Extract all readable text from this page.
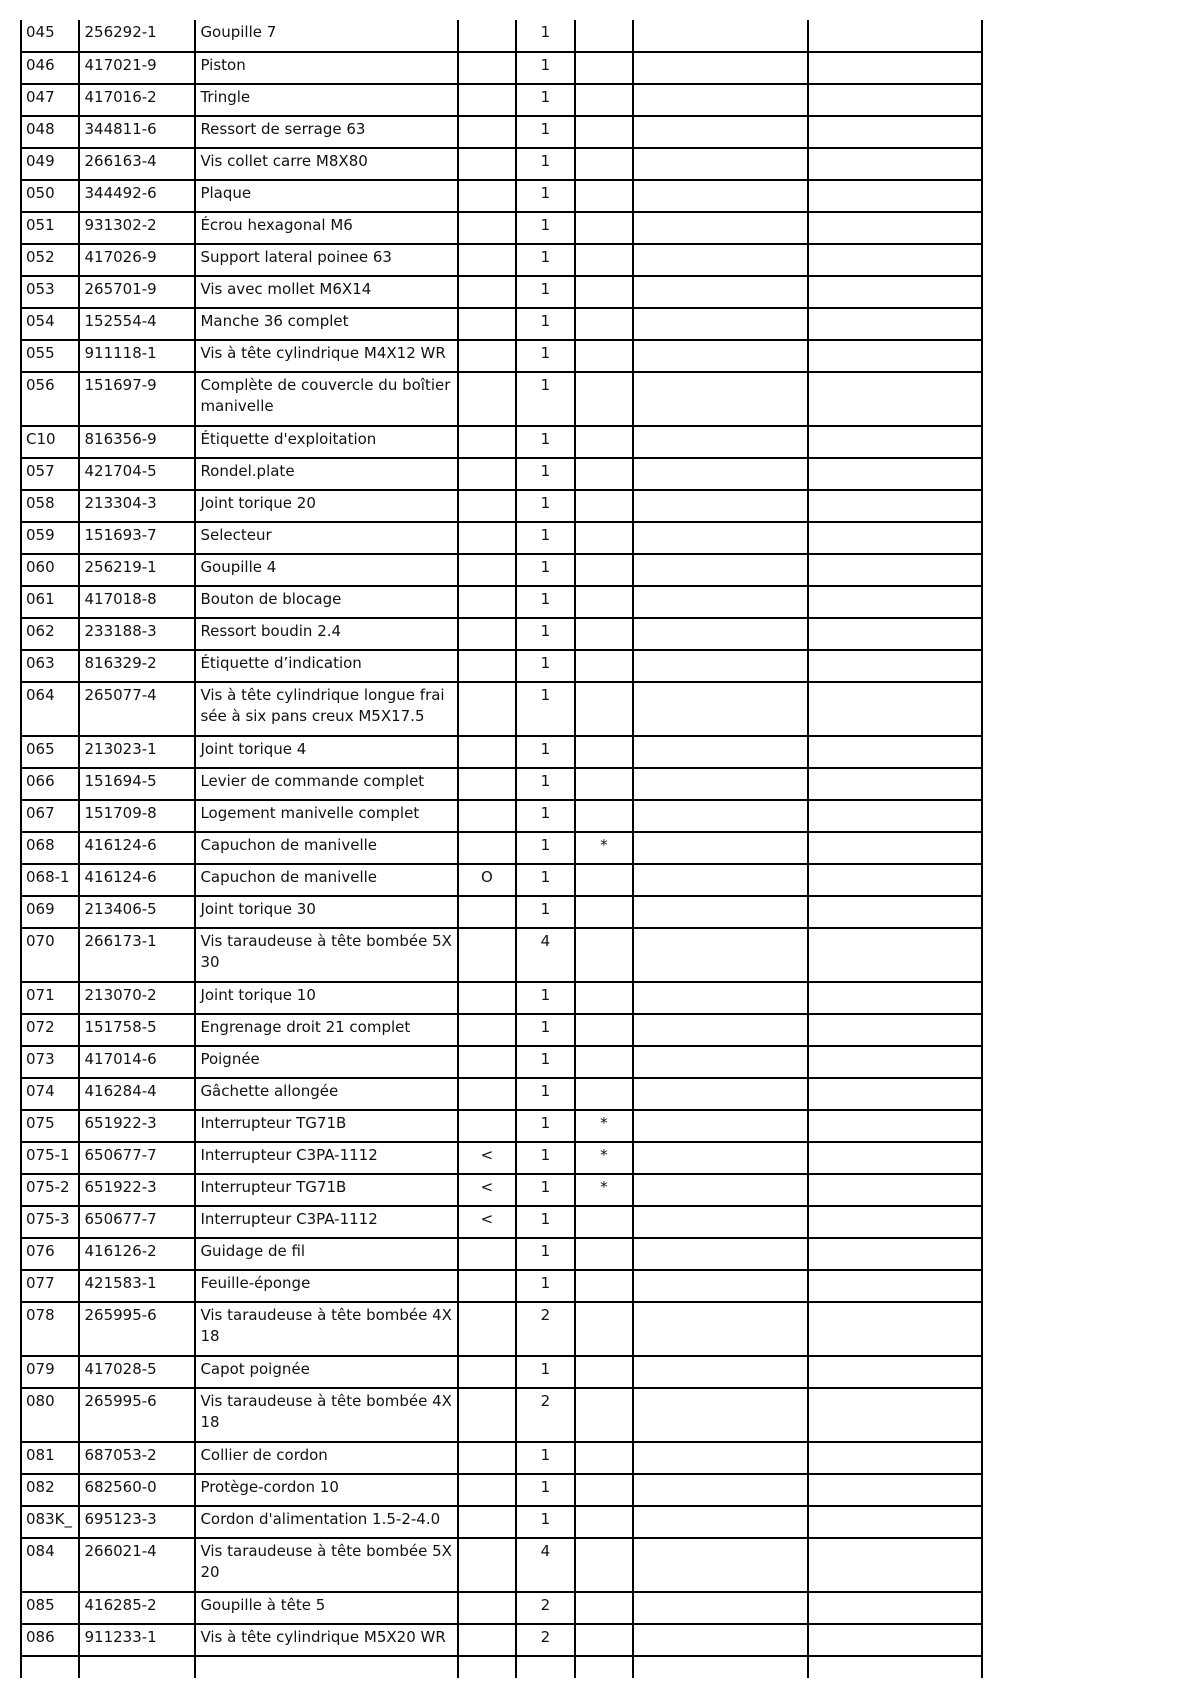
045	256292-1	Goupille 7		1			
046	417021-9	Piston		1			
047	417016-2	Tringle		1			
048	344811-6	Ressort de serrage 63		1			
049	266163-4	Vis collet carre M8X80		1			
050	344492-6	Plaque		1			
051	931302-2	Écrou hexagonal M6		1			
052	417026-9	Support lateral poinee 63		1			
053	265701-9	Vis avec mollet M6X14		1			
054	152554-4	Manche 36 complet		1			
055	911118-1	Vis à tête cylindrique M4X12 WR		1			
056	151697-9	Complète de couvercle du boîtier
manivelle		1			
C10	816356-9	Étiquette d'exploitation		1			
057	421704-5	Rondel.plate		1			
058	213304-3	Joint torique 20		1			
059	151693-7	Selecteur		1			
060	256219-1	Goupille 4		1			
061	417018-8	Bouton de blocage		1			
062	233188-3	Ressort boudin 2.4		1			
063	816329-2	Étiquette d’indication		1			
064	265077-4	Vis à tête cylindrique longue frai
sée à six pans creux M5X17.5		1			
065	213023-1	Joint torique 4		1			
066	151694-5	Levier de commande complet		1			
067	151709-8	Logement manivelle complet		1			
068	416124-6	Capuchon de manivelle		1	*		
068-1	416124-6	Capuchon de manivelle	O	1			
069	213406-5	Joint torique 30		1			
070	266173-1	Vis taraudeuse à tête bombée 5X
30		4			
071	213070-2	Joint torique 10		1			
072	151758-5	Engrenage droit 21 complet		1			
073	417014-6	Poignée		1			
074	416284-4	Gâchette allongée		1			
075	651922-3	Interrupteur TG71B		1	*		
075-1	650677-7	Interrupteur C3PA-1112	<	1	*		
075-2	651922-3	Interrupteur TG71B	<	1	*		
075-3	650677-7	Interrupteur C3PA-1112	<	1			
076	416126-2	Guidage de fil		1			
077	421583-1	Feuille-éponge		1			
078	265995-6	Vis taraudeuse à tête bombée 4X
18		2			
079	417028-5	Capot poignée		1			
080	265995-6	Vis taraudeuse à tête bombée 4X
18		2			
081	687053-2	Collier de cordon		1			
082	682560-0	Protège-cordon 10		1			
083K_	695123-3	Cordon d'alimentation 1.5-2-4.0		1			
084	266021-4	Vis taraudeuse à tête bombée 5X
20		4			
085	416285-2	Goupille à tête 5		2			
086	911233-1	Vis à tête cylindrique M5X20 WR		2			
